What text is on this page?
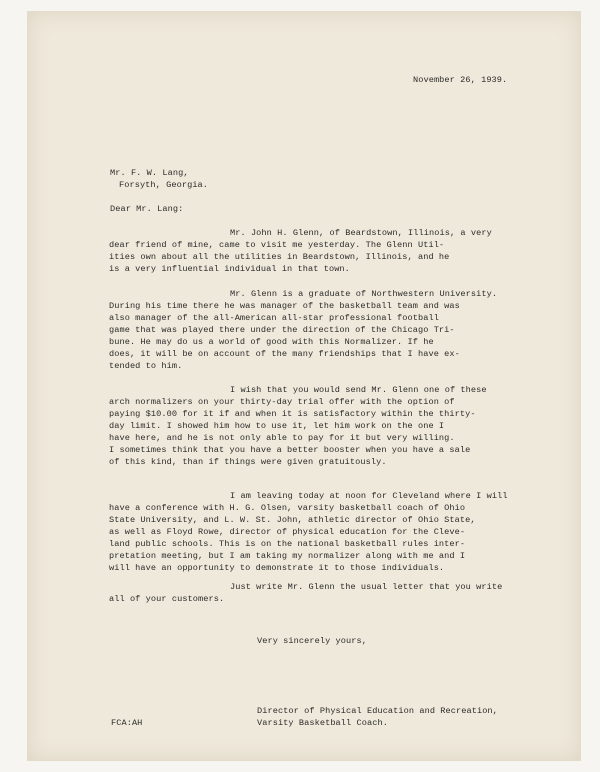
November 26, 1939.

Mr. F. W. Lang,

Forsyth, Georgia.

Dear Mr. Lang:

Mr. John H. Glenn, of Beardstown, Illinois, a very

dear friend of mine, came to visit me yesterday. The Glenn Util-

ities own about all the utilities in Beardstown, Illinois, and he

is a very influential individual in that town.

Mr. Glenn is a graduate of Northwestern University.

During his time there he was manager of the basketball team and was

also manager of the all-American all-star professional football

game that was played there under the direction of the Chicago Tri-

bune. He may do us a world of good with this Normalizer. If he

does, it will be on account of the many friendships that I have ex-

tended to him.

I wish that you would send Mr. Glenn one of these

arch normalizers on your thirty-day trial offer with the option of

paying $10.00 for it if and when it is satisfactory within the thirty-

day limit. I showed him how to use it, let him work on the one I

have here, and he is not only able to pay for it but very willing.

I sometimes think that you have a better booster when you have a sale

of this kind, than if things were given gratuitously.

I am leaving today at noon for Cleveland where I will

have a conference with H. G. Olsen, varsity basketball coach of Ohio

State University, and L. W. St. John, athletic director of Ohio State,

as well as Floyd Rowe, director of physical education for the Cleve-

land public schools. This is on the national basketball rules inter-

pretation meeting, but I am taking my normalizer along with me and I

will have an opportunity to demonstrate it to those individuals.

Just write Mr. Glenn the usual letter that you write

all of your customers.

Very sincerely yours,

Director of Physical Education and Recreation,

Varsity Basketball Coach.

FCA:AH
